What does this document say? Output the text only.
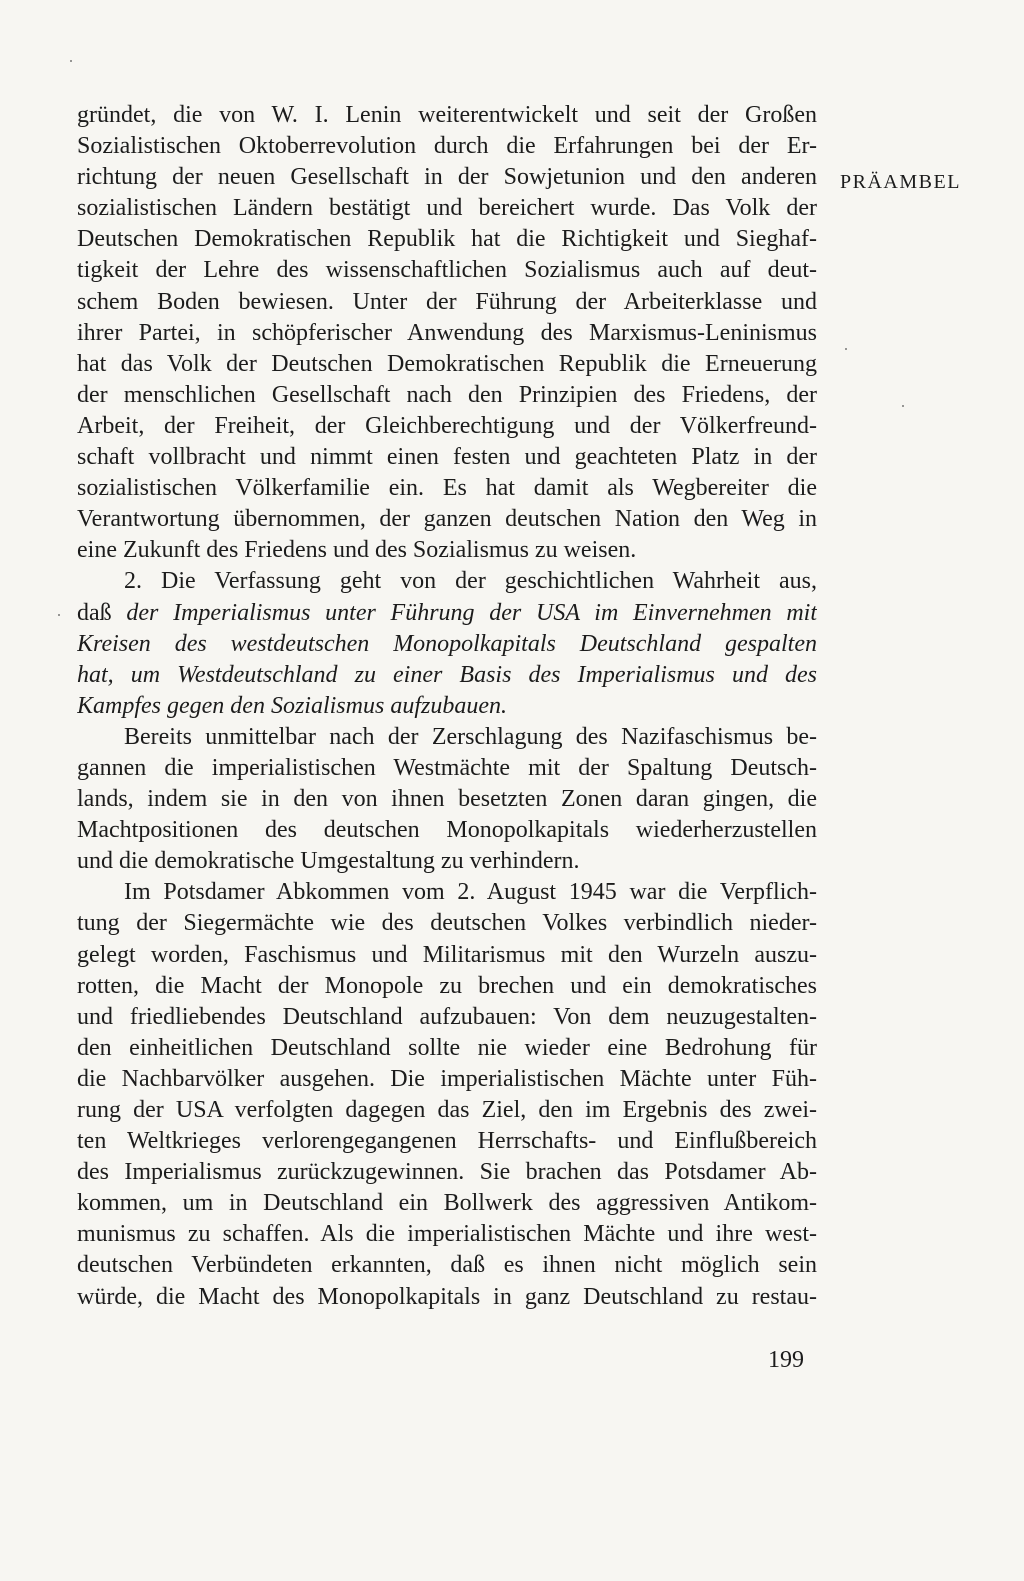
PRÄAMBEL
gründet, die von W. I. Lenin weiterentwickelt und seit der Großen
Sozialistischen Oktoberrevolution durch die Erfahrungen bei der Er-
richtung der neuen Gesellschaft in der Sowjetunion und den anderen
sozialistischen Ländern bestätigt und bereichert wurde. Das Volk der
Deutschen Demokratischen Republik hat die Richtigkeit und Sieghaf-
tigkeit der Lehre des wissenschaftlichen Sozialismus auch auf deut-
schem Boden bewiesen. Unter der Führung der Arbeiterklasse und
ihrer Partei, in schöpferischer Anwendung des Marxismus-Leninismus
hat das Volk der Deutschen Demokratischen Republik die Erneuerung
der menschlichen Gesellschaft nach den Prinzipien des Friedens, der
Arbeit, der Freiheit, der Gleichberechtigung und der Völkerfreund-
schaft vollbracht und nimmt einen festen und geachteten Platz in der
sozialistischen Völkerfamilie ein. Es hat damit als Wegbereiter die
Verantwortung übernommen, der ganzen deutschen Nation den Weg in
eine Zukunft des Friedens und des Sozialismus zu weisen.
2. Die Verfassung geht von der geschichtlichen Wahrheit aus,
daß der Imperialismus unter Führung der USA im Einvernehmen mit
Kreisen des westdeutschen Monopolkapitals Deutschland gespalten
hat, um Westdeutschland zu einer Basis des Imperialismus und des
Kampfes gegen den Sozialismus aufzubauen.
Bereits unmittelbar nach der Zerschlagung des Nazifaschismus be-
gannen die imperialistischen Westmächte mit der Spaltung Deutsch-
lands, indem sie in den von ihnen besetzten Zonen daran gingen, die
Machtpositionen des deutschen Monopolkapitals wiederherzustellen
und die demokratische Umgestaltung zu verhindern.
Im Potsdamer Abkommen vom 2. August 1945 war die Verpflich-
tung der Siegermächte wie des deutschen Volkes verbindlich nieder-
gelegt worden, Faschismus und Militarismus mit den Wurzeln auszu-
rotten, die Macht der Monopole zu brechen und ein demokratisches
und friedliebendes Deutschland aufzubauen: Von dem neuzugestalten-
den einheitlichen Deutschland sollte nie wieder eine Bedrohung für
die Nachbarvölker ausgehen. Die imperialistischen Mächte unter Füh-
rung der USA verfolgten dagegen das Ziel, den im Ergebnis des zwei-
ten Weltkrieges verlorengegangenen Herrschafts- und Einflußbereich
des Imperialismus zurückzugewinnen. Sie brachen das Potsdamer Ab-
kommen, um in Deutschland ein Bollwerk des aggressiven Antikom-
munismus zu schaffen. Als die imperialistischen Mächte und ihre west-
deutschen Verbündeten erkannten, daß es ihnen nicht möglich sein
würde, die Macht des Monopolkapitals in ganz Deutschland zu restau-
199
